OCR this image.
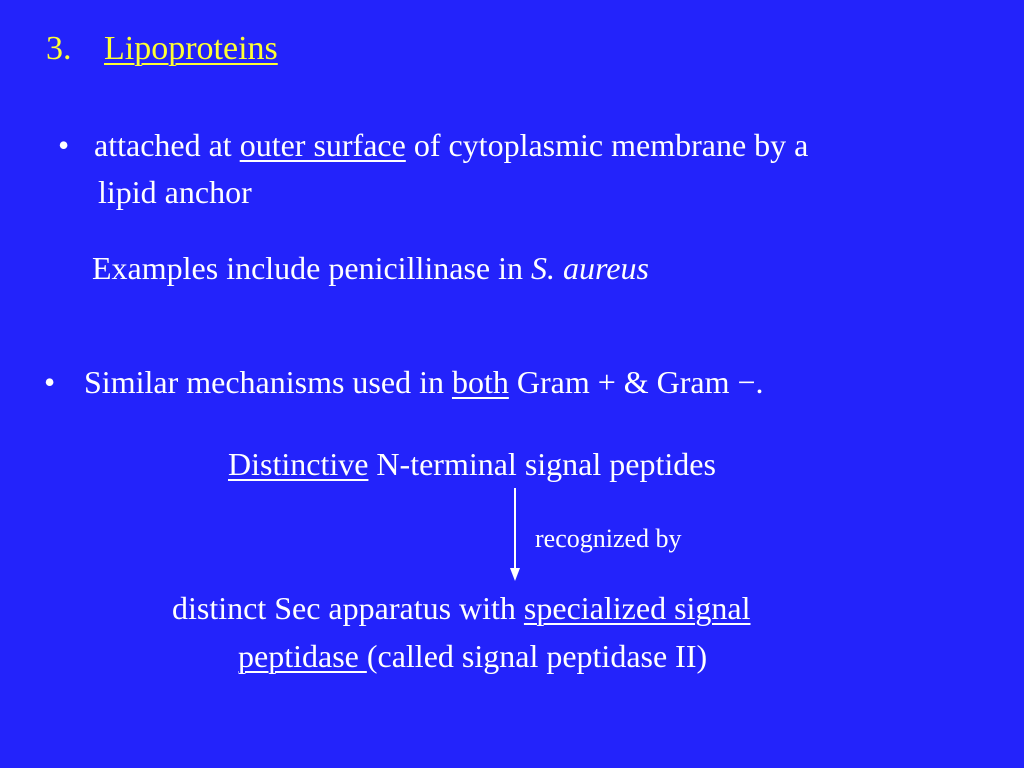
3. Lipoproteins
• attached at outer surface of cytoplasmic membrane by a
lipid anchor
Examples include penicillinase in S. aureus
• Similar mechanisms used in both Gram + & Gram −.
Distinctive N-terminal signal peptides
recognized by
distinct Sec apparatus with specialized signal
peptidase (called signal peptidase II)
